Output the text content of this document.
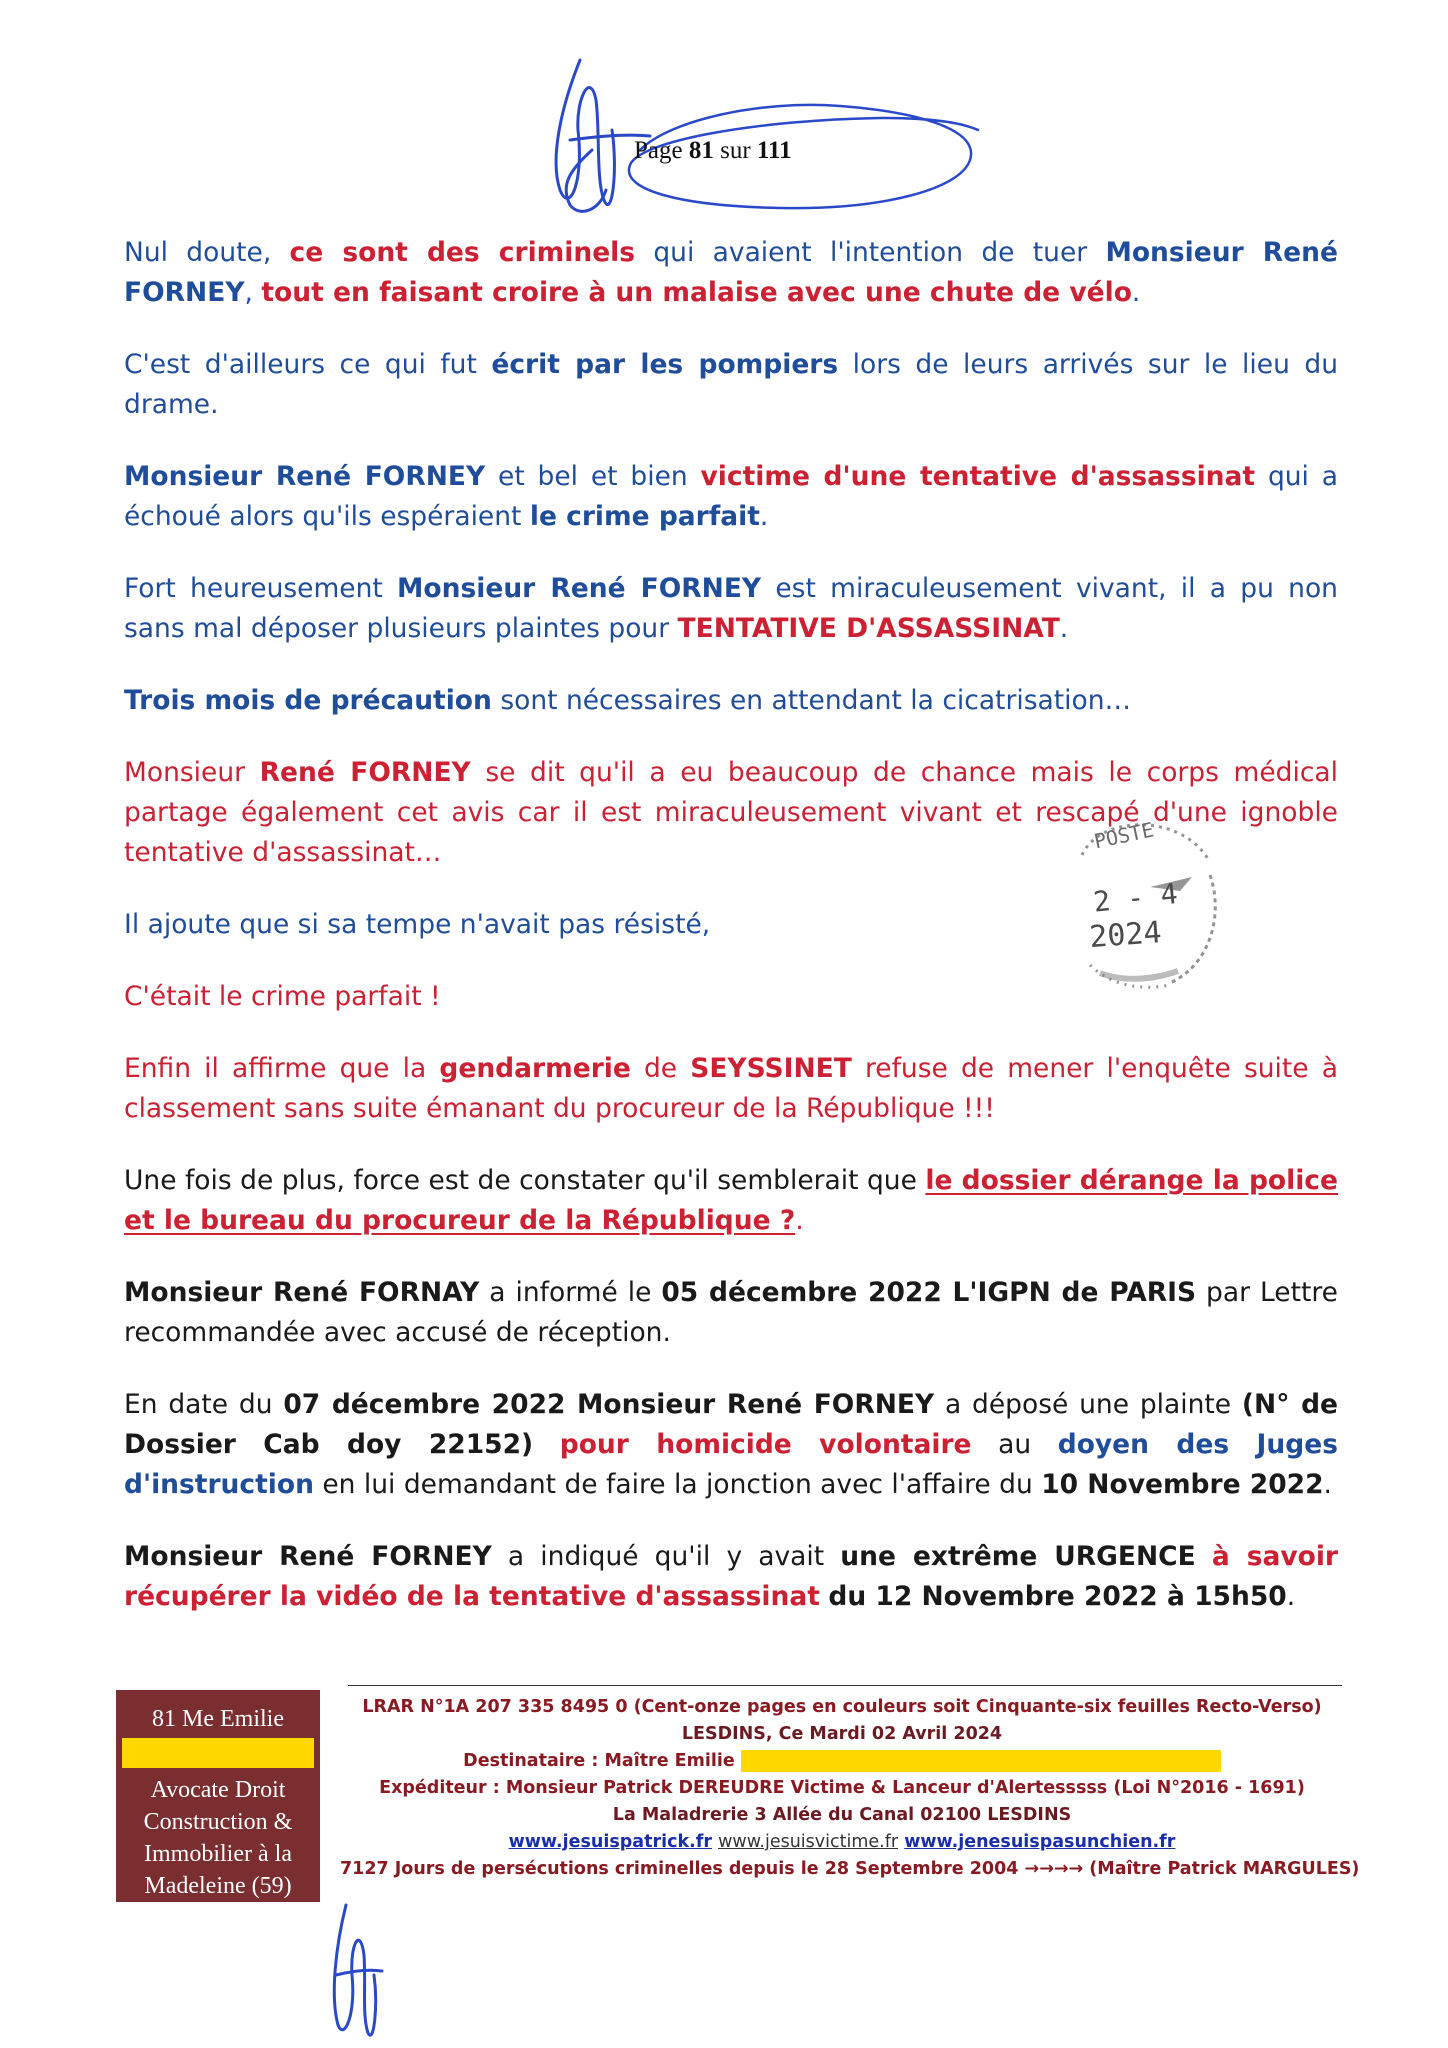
Page 81 sur 111

Nul doute, ce sont des criminels qui avaient l'intention de tuer Monsieur René FORNEY, tout en faisant croire à un malaise avec une chute de vélo.

C'est d'ailleurs ce qui fut écrit par les pompiers lors de leurs arrivés sur le lieu du drame.

Monsieur René FORNEY et bel et bien victime d'une tentative d'assassinat qui a échoué alors qu'ils espéraient le crime parfait.

Fort heureusement Monsieur René FORNEY est miraculeusement vivant, il a pu non sans mal déposer plusieurs plaintes pour TENTATIVE D'ASSASSINAT.

Trois mois de précaution sont nécessaires en attendant la cicatrisation…

Monsieur René FORNEY se dit qu'il a eu beaucoup de chance mais le corps médical partage également cet avis car il est miraculeusement vivant et rescapé d'une ignoble tentative d'assassinat…

Il ajoute que si sa tempe n'avait pas résisté,

C'était le crime parfait !

Enfin il affirme que la gendarmerie de SEYSSINET refuse de mener l'enquête suite à classement sans suite émanant du procureur de la République !!!

Une fois de plus, force est de constater qu'il semblerait que le dossier dérange la police et le bureau du procureur de la République ?.

Monsieur René FORNAY a informé le 05 décembre 2022 L'IGPN de PARIS par Lettre recommandée avec accusé de réception.

En date du 07 décembre 2022 Monsieur René FORNEY a déposé une plainte (N° de Dossier Cab doy 22152) pour homicide volontaire au doyen des Juges d'instruction en lui demandant de faire la jonction avec l'affaire du 10 Novembre 2022.

Monsieur René FORNEY a indiqué qu'il y avait une extrême URGENCE à savoir récupérer la vidéo de la tentative d'assassinat du 12 Novembre 2022 à 15h50.

POSTE
2 - 4
2024
81 Me Emilie
Avocate Droit
Construction &
Immobilier à la
Madeleine (59)
LRAR N°1A 207 335 8495 0 (Cent-onze pages en couleurs soit Cinquante-six feuilles Recto-Verso)
LESDINS, Ce Mardi 02 Avril 2024
Destinataire : Maître Emilie
Expéditeur : Monsieur Patrick DEREUDRE Victime & Lanceur d'Alertesssss (Loi N°2016 - 1691)
La Maladrerie 3 Allée du Canal 02100 LESDINS
www.jesuispatrick.fr www.jesuisvictime.fr www.jenesuispasunchien.fr
7127 Jours de persécutions criminelles depuis le 28 Septembre 2004 →→→→ (Maître Patrick MARGULES)
